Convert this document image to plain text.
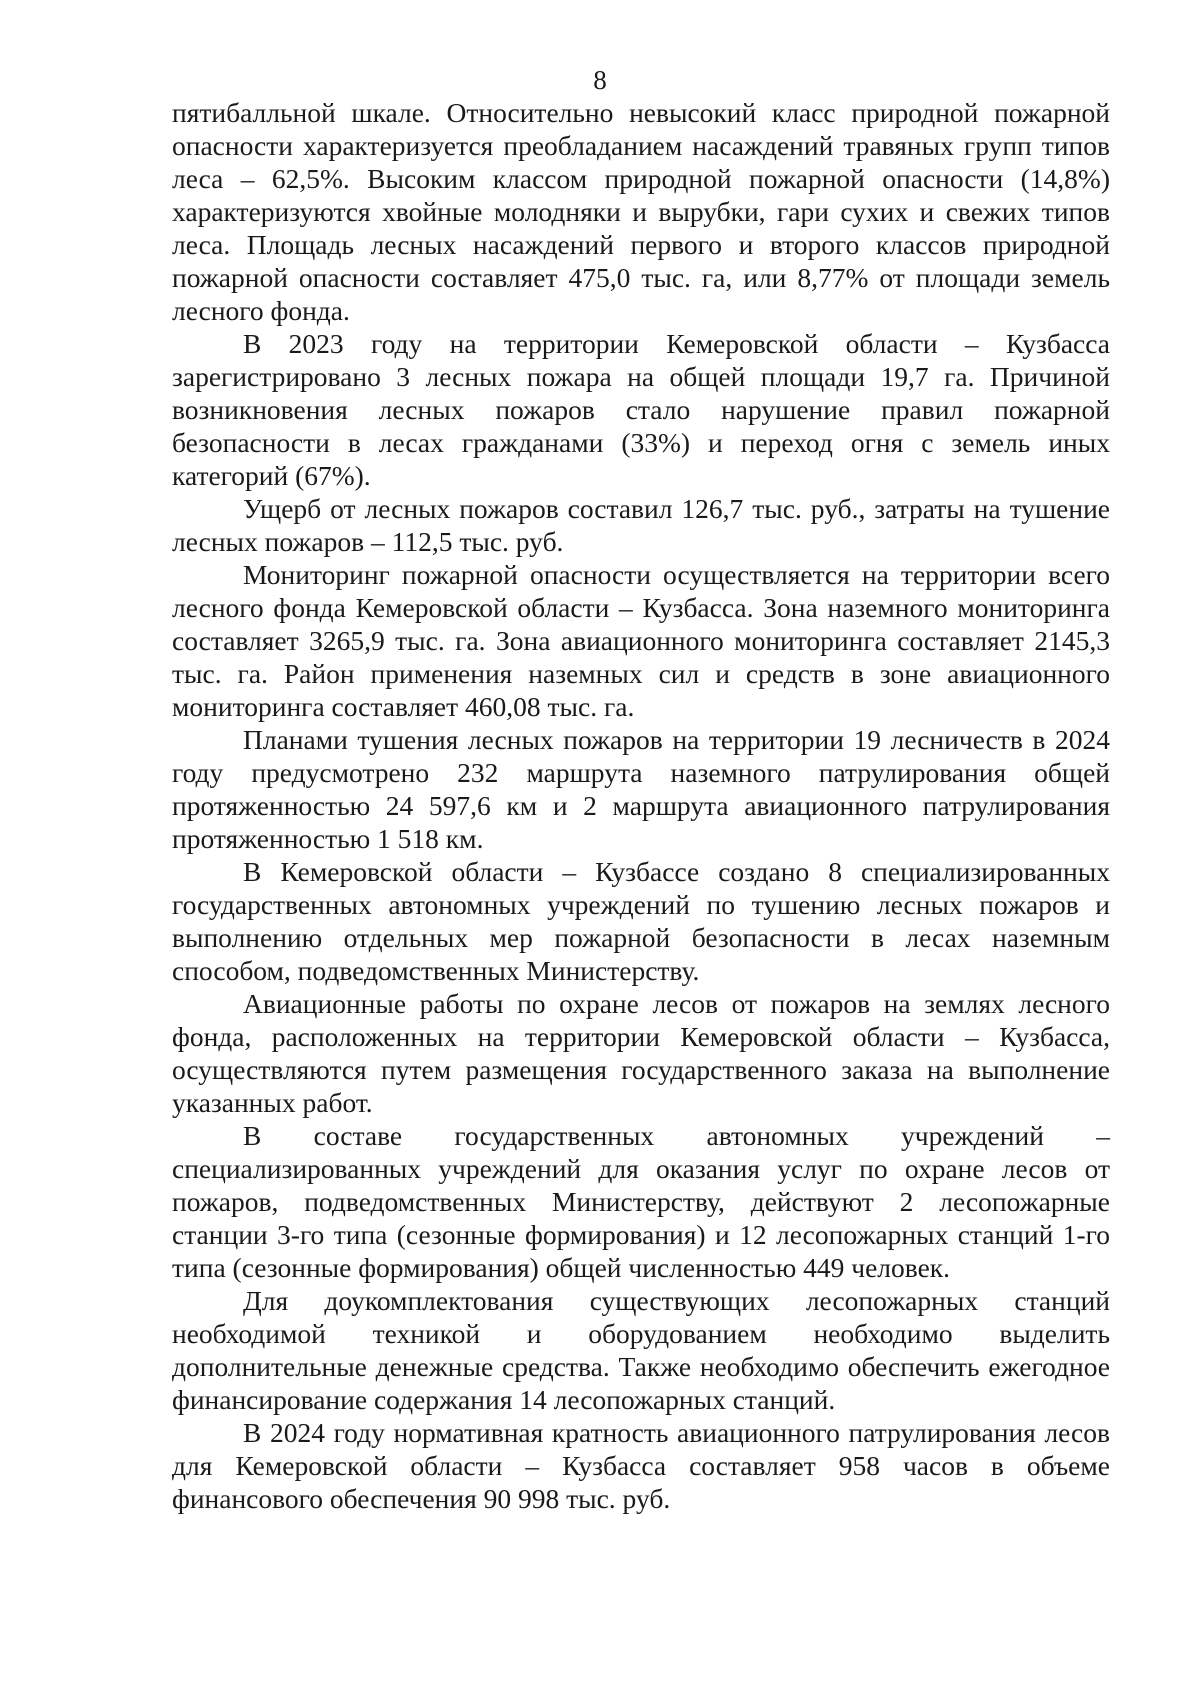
8

пятибалльной шкале. Относительно невысокий класс природной пожарной опасности характеризуется преобладанием насаждений травяных групп типов леса – 62,5%. Высоким классом природной пожарной опасности (14,8%) характеризуются хвойные молодняки и вырубки, гари сухих и свежих типов леса. Площадь лесных насаждений первого и второго классов природной пожарной опасности составляет 475,0 тыс. га, или 8,77% от площади земель лесного фонда.

В 2023 году на территории Кемеровской области – Кузбасса зарегистрировано 3 лесных пожара на общей площади 19,7 га. Причиной возникновения лесных пожаров стало нарушение правил пожарной безопасности в лесах гражданами (33%) и переход огня с земель иных категорий (67%).

Ущерб от лесных пожаров составил 126,7 тыс. руб., затраты на тушение лесных пожаров – 112,5 тыс. руб.

Мониторинг пожарной опасности осуществляется на территории всего лесного фонда Кемеровской области – Кузбасса. Зона наземного мониторинга составляет 3265,9 тыс. га. Зона авиационного мониторинга составляет 2145,3 тыс. га. Район применения наземных сил и средств в зоне авиационного мониторинга составляет 460,08 тыс. га.

Планами тушения лесных пожаров на территории 19 лесничеств в 2024 году предусмотрено 232 маршрута наземного патрулирования общей протяженностью 24 597,6 км и 2 маршрута авиационного патрулирования протяженностью 1 518 км.

В Кемеровской области – Кузбассе создано 8 специализированных государственных автономных учреждений по тушению лесных пожаров и выполнению отдельных мер пожарной безопасности в лесах наземным способом, подведомственных Министерству.

Авиационные работы по охране лесов от пожаров на землях лесного фонда, расположенных на территории Кемеровской области – Кузбасса, осуществляются путем размещения государственного заказа на выполнение указанных работ.

В составе государственных автономных учреждений – специализированных учреждений для оказания услуг по охране лесов от пожаров, подведомственных Министерству, действуют 2 лесопожарные станции 3-го типа (сезонные формирования) и 12 лесопожарных станций 1-го типа (сезонные формирования) общей численностью 449 человек.

Для доукомплектования существующих лесопожарных станций необходимой техникой и оборудованием необходимо выделить дополнительные денежные средства. Также необходимо обеспечить ежегодное финансирование содержания 14 лесопожарных станций.

В 2024 году нормативная кратность авиационного патрулирования лесов для Кемеровской области – Кузбасса составляет 958 часов в объеме финансового обеспечения 90 998 тыс. руб.
